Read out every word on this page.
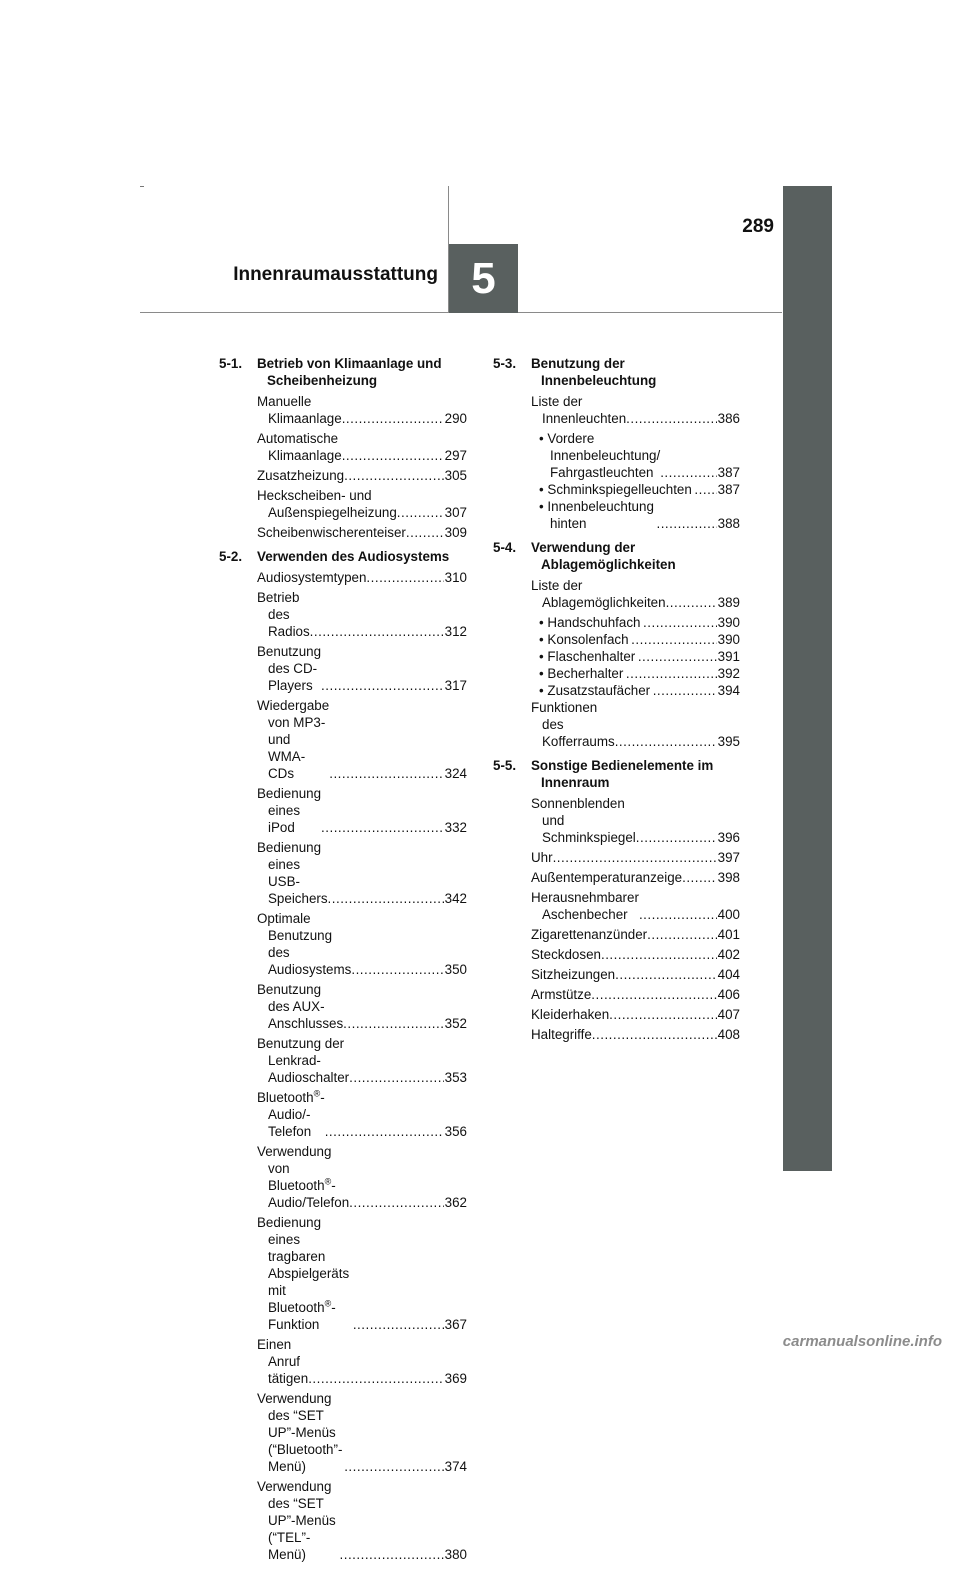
Innenraumausstattung 5
289
5-1.	Betrieb von Klimaanlage und Scheibenheizung
Manuelle Klimaanlage .....	290
Automatische Klimaanlage .....	297
Zusatzheizung .....	305
Heckscheiben- und Außenspiegelheizung .....	307
Scheibenwischerenteiser .....	309
5-2.	Verwenden des Audiosystems
Audiosystemtypen .....	310
Betrieb des Radios .....	312
Benutzung des CD-Players .....	317
Wiedergabe von MP3- und WMA-CDs .....	324
Bedienung eines iPod .....	332
Bedienung eines USB-Speichers .....	342
Optimale Benutzung des Audiosystems .....	350
Benutzung des AUX-Anschlusses .....	352
Benutzung der Lenkrad-Audioschalter .....	353
Bluetooth®-Audio/-Telefon .....	356
Verwendung von Bluetooth®-Audio/Telefon .....	362
Bedienung eines tragbaren Abspielgeräts mit Bluetooth®-Funktion .....	367
Einen Anruf tätigen .....	369
Verwendung des “SET UP”-Menüs (“Bluetooth”-Menü) .....	374
Verwendung des “SET UP”-Menüs (“TEL”-Menü) .....	380
5-3.	Benutzung der Innenbeleuchtung
Liste der Innenleuchten .....	386
• Vordere Innenbeleuchtung/ Fahrgastleuchten .....	387
• Schminkspiegelleuchten ..... 387
• Innenbeleuchtung hinten .....	388
5-4.	Verwendung der Ablagemöglichkeiten
Liste der Ablagemöglichkeiten .....	389
• Handschuhfach .....	390
• Konsolenfach .....	390
• Flaschenhalter .....	391
• Becherhalter .....	392
• Zusatzstaufächer .....	394
Funktionen des Kofferraums .....	395
5-5.	Sonstige Bedienelemente im Innenraum
Sonnenblenden und Schminkspiegel .....	396
Uhr .....	397
Außentemperaturanzeige .....	398
Herausnehmbarer Aschenbecher .....	400
Zigarettenanzünder .....	401
Steckdosen .....	402
Sitzheizungen .....	404
Armstütze .....	406
Kleiderhaken .....	407
Haltegriffe .....	408
carmanualsonline.info
